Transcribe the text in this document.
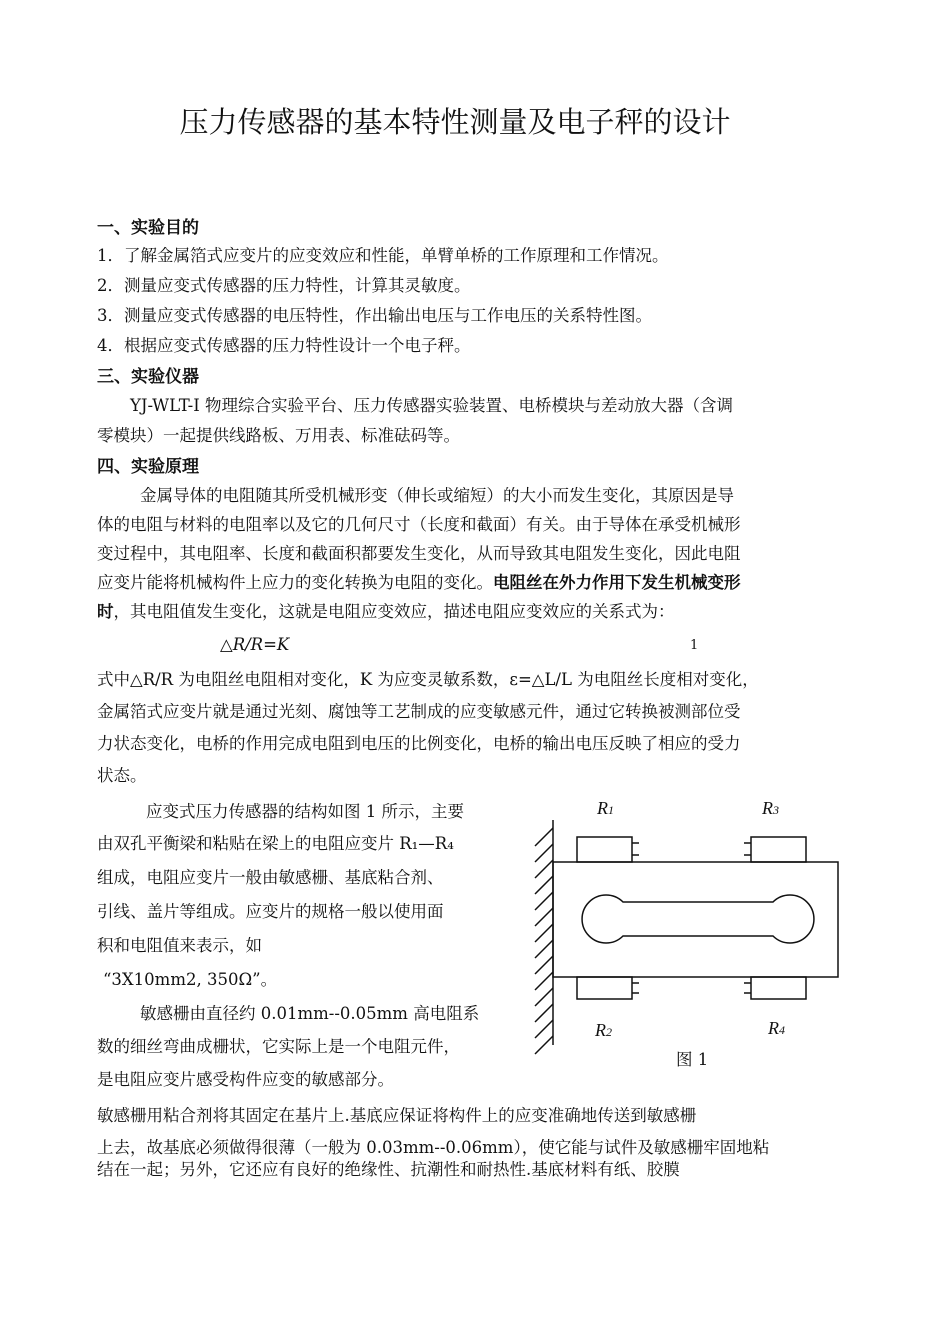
压力传感器的基本特性测量及电子秤的设计
一、实验目的
1．了解金属箔式应变片的应变效应和性能，单臂单桥的工作原理和工作情况。
2．测量应变式传感器的压力特性，计算其灵敏度。
3．测量应变式传感器的电压特性，作出输出电压与工作电压的关系特性图。
4．根据应变式传感器的压力特性设计一个电子秤。
三、实验仪器
YJ-WLT-I 物理综合实验平台、压力传感器实验装置、电桥模块与差动放大器（含调
零模块）一起提供线路板、万用表、标准砝码等。
四、实验原理
金属导体的电阻随其所受机械形变（伸长或缩短）的大小而发生变化，其原因是导
体的电阻与材料的电阻率以及它的几何尺寸（长度和截面）有关。由于导体在承受机械形
变过程中，其电阻率、长度和截面积都要发生变化，从而导致其电阻发生变化，因此电阻
应变片能将机械构件上应力的变化转换为电阻的变化。电阻丝在外力作用下发生机械变形
时，其电阻值发生变化，这就是电阻应变效应，描述电阻应变效应的关系式为：
△R/R=K	1
式中△R/R 为电阻丝电阻相对变化，K 为应变灵敏系数，ε=△L/L 为电阻丝长度相对变化，
金属箔式应变片就是通过光刻、腐蚀等工艺制成的应变敏感元件，通过它转换被测部位受
力状态变化，电桥的作用完成电阻到电压的比例变化，电桥的输出电压反映了相应的受力
状态。
应变式压力传感器的结构如图 1 所示，主要
由双孔平衡梁和粘贴在梁上的电阻应变片 R₁—R₄
组成，电阻应变片一般由敏感栅、基底粘合剂、
引线、盖片等组成。应变片的规格一般以使用面
积和电阻值来表示，如
“3X10mm2, 350Ω”。
敏感栅由直径约 0.01mm--0.05mm 高电阻系
数的细丝弯曲成栅状，它实际上是一个电阻元件，
是电阻应变片感受构件应变的敏感部分。
敏感栅用粘合剂将其固定在基片上.基底应保证将构件上的应变准确地传送到敏感栅
上去，故基底必须做得很薄（一般为 0.03mm--0.06mm），使它能与试件及敏感栅牢固地粘
结在一起；另外，它还应有良好的绝缘性、抗潮性和耐热性.基底材料有纸、胶膜
R1	R3
R2	R4
图 1
